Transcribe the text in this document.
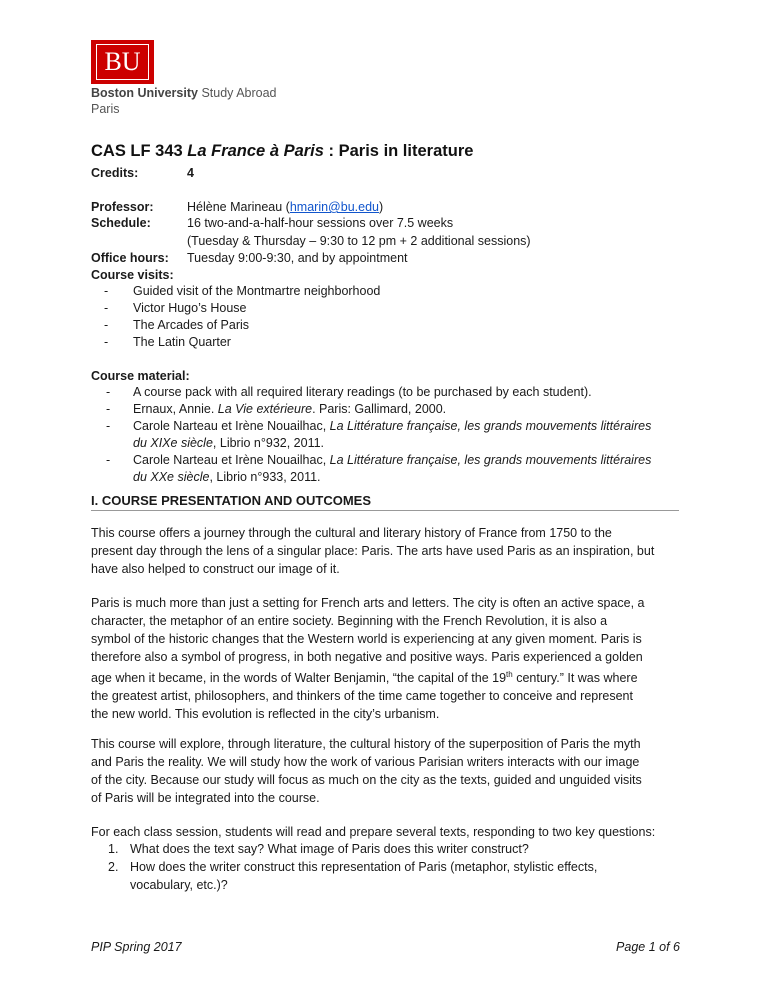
BU
Boston University Study Abroad
Paris
CAS LF 343 La France à Paris : Paris in literature
Credits:	4
Professor:	Hélène Marineau (hmarin@bu.edu)
Schedule:	16 two-and-a-half-hour sessions over 7.5 weeks
(Tuesday & Thursday – 9:30 to 12 pm + 2 additional sessions)
Office hours: Tuesday 9:00-9:30, and by appointment
Course visits:
- Guided visit of the Montmartre neighborhood
- Victor Hugo’s House
- The Arcades of Paris
- The Latin Quarter
Course material:
- A course pack with all required literary readings (to be purchased by each student).
- Ernaux, Annie. La Vie extérieure. Paris: Gallimard, 2000.
- Carole Narteau et Irène Nouailhac, La Littérature française, les grands mouvements littéraires
du XIXe siècle, Librio n°932, 2011.
- Carole Narteau et Irène Nouailhac, La Littérature française, les grands mouvements littéraires
du XXe siècle, Librio n°933, 2011.
I. COURSE PRESENTATION AND OUTCOMES
This course offers a journey through the cultural and literary history of France from 1750 to the
present day through the lens of a singular place: Paris. The arts have used Paris as an inspiration, but
have also helped to construct our image of it.
Paris is much more than just a setting for French arts and letters. The city is often an active space, a
character, the metaphor of an entire society. Beginning with the French Revolution, it is also a
symbol of the historic changes that the Western world is experiencing at any given moment. Paris is
therefore also a symbol of progress, in both negative and positive ways. Paris experienced a golden
age when it became, in the words of Walter Benjamin, “the capital of the 19th century.” It was where
the greatest artist, philosophers, and thinkers of the time came together to conceive and represent
the new world. This evolution is reflected in the city’s urbanism.
This course will explore, through literature, the cultural history of the superposition of Paris the myth
and Paris the reality. We will study how the work of various Parisian writers interacts with our image
of the city. Because our study will focus as much on the city as the texts, guided and unguided visits
of Paris will be integrated into the course.
For each class session, students will read and prepare several texts, responding to two key questions:
1. What does the text say? What image of Paris does this writer construct?
2. How does the writer construct this representation of Paris (metaphor, stylistic effects,
vocabulary, etc.)?
PIP Spring 2017	Page 1 of 6
